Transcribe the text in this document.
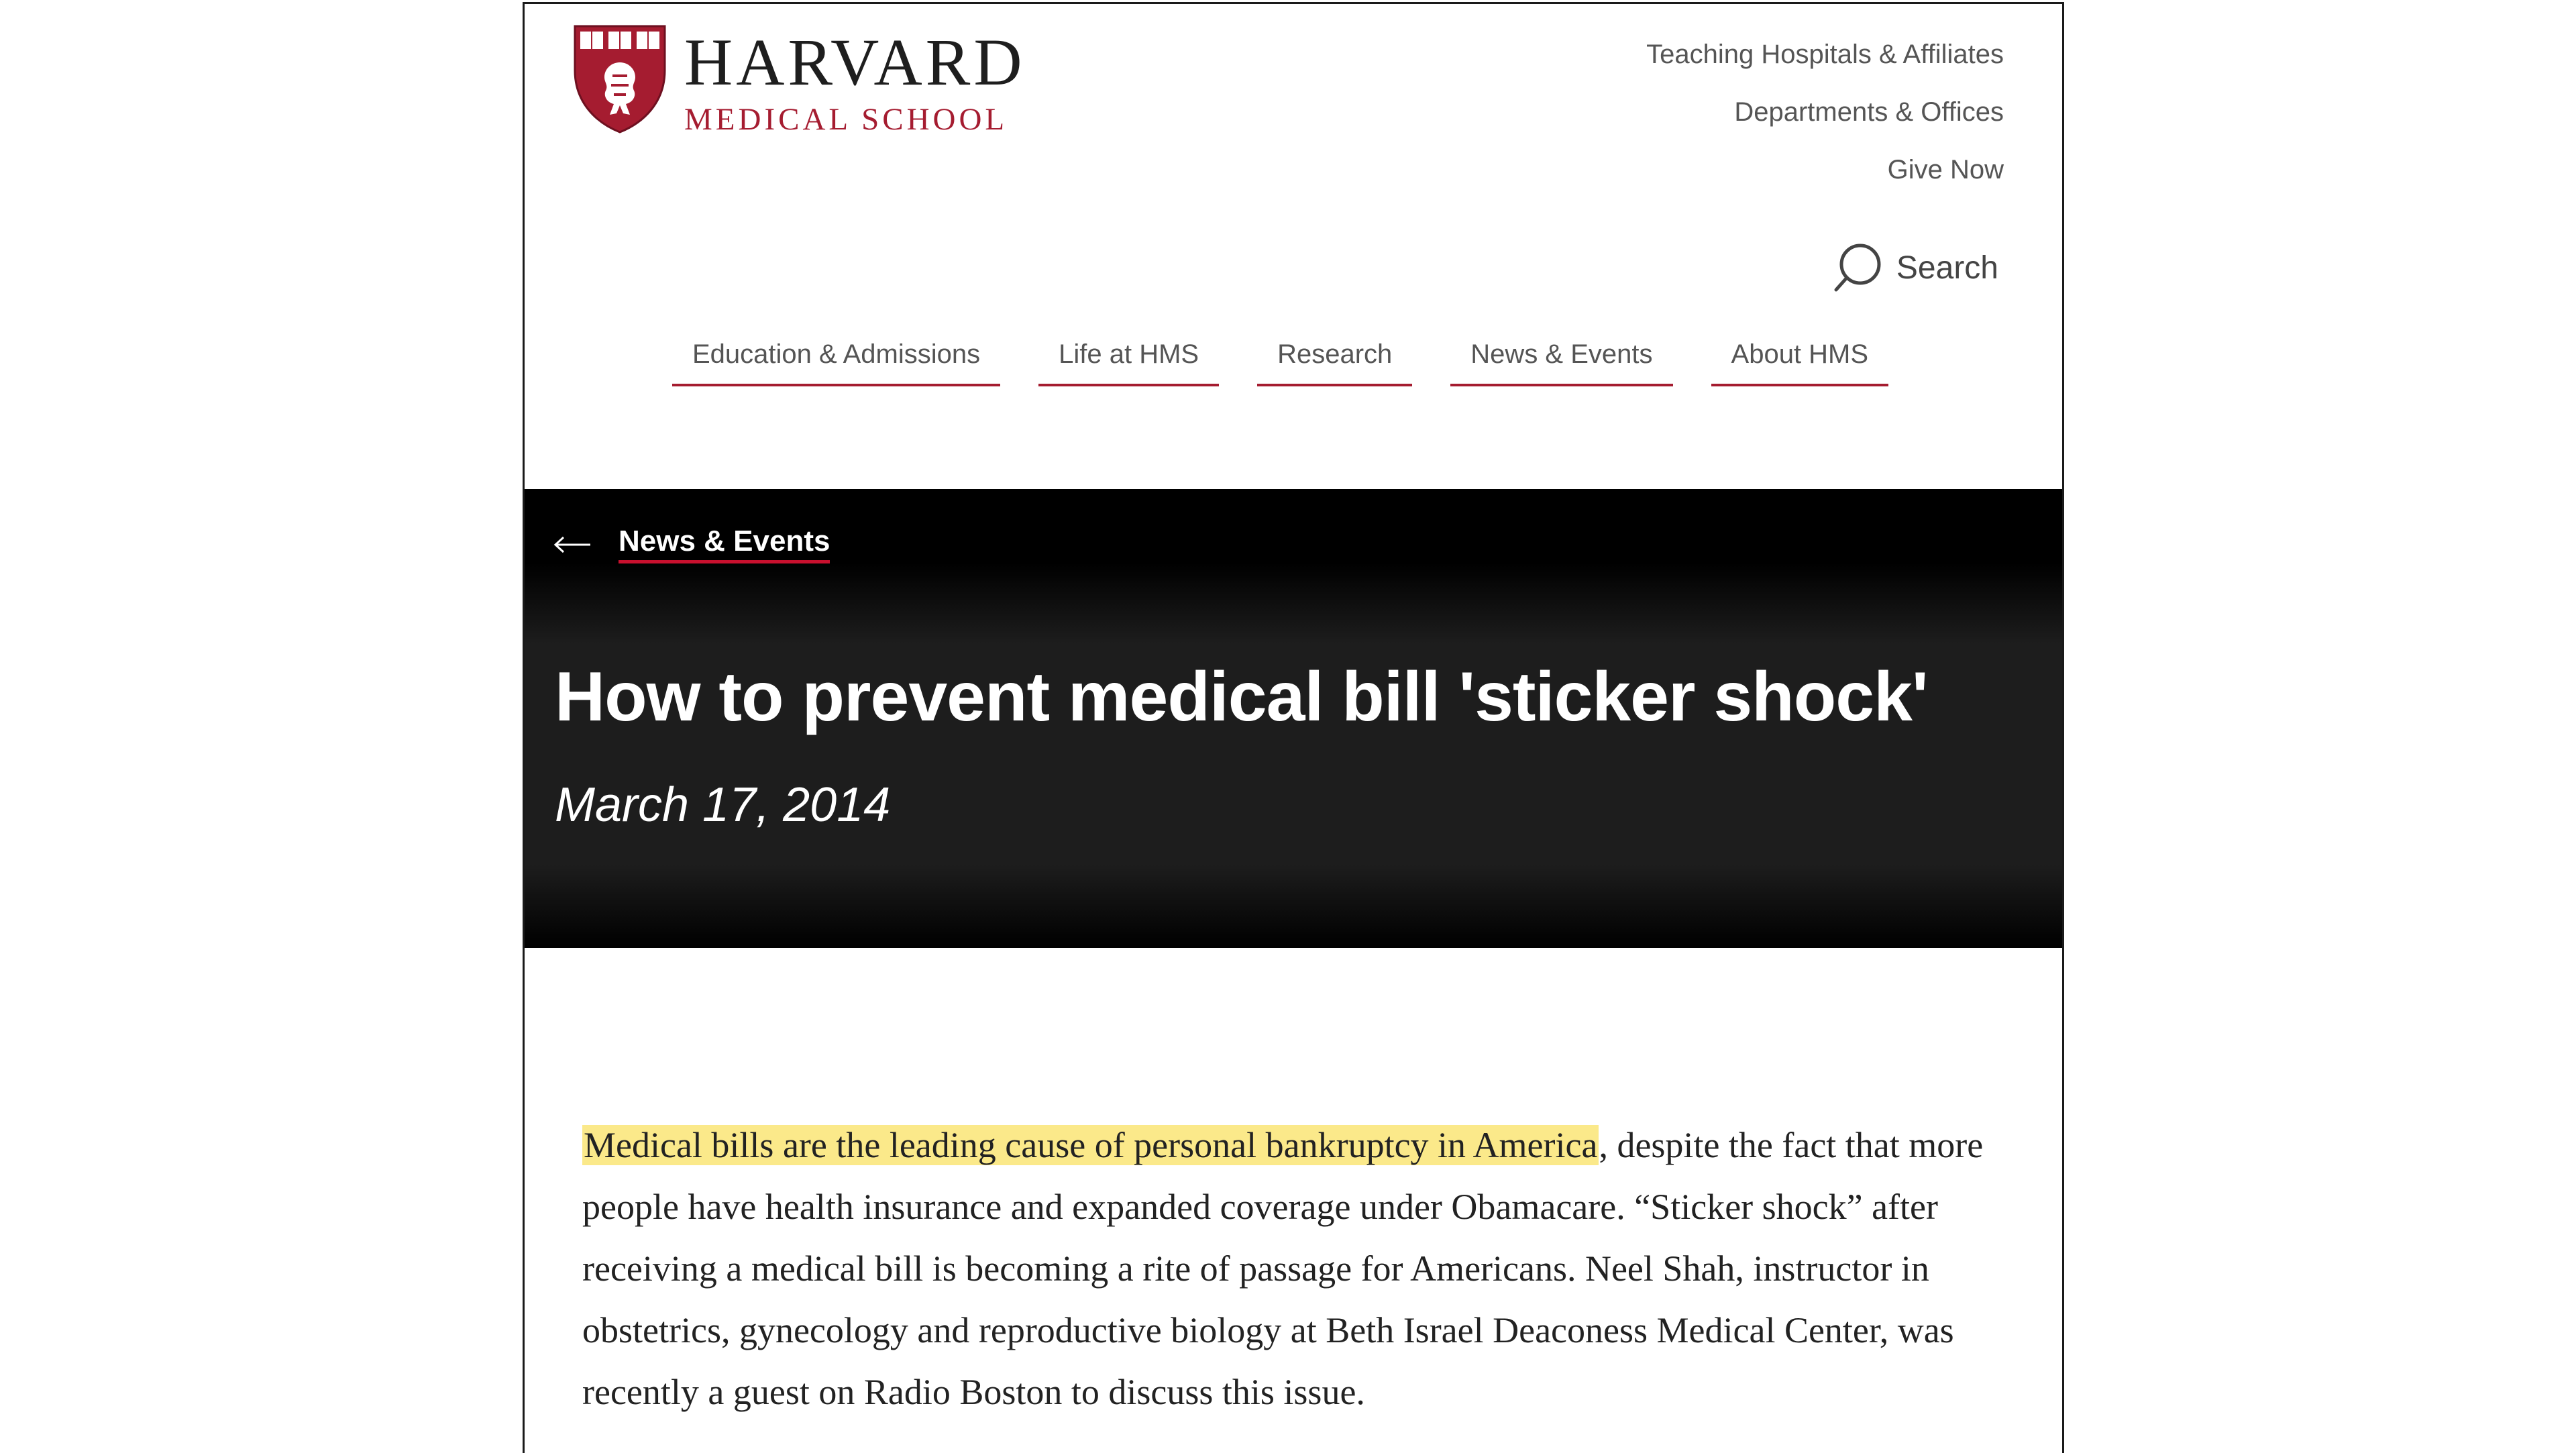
HARVARD
MEDICAL SCHOOL
Teaching Hospitals & Affiliates
Departments & Offices
Give Now
Search
Education & Admissions	Life at HMS	Research	News & Events	About HMS
News & Events
How to prevent medical bill 'sticker shock'
March 17, 2014

Medical bills are the leading cause of personal bankruptcy in America, despite the fact that more people have health insurance and expanded coverage under Obamacare. “Sticker shock” after receiving a medical bill is becoming a rite of passage for Americans. Neel Shah, instructor in obstetrics, gynecology and reproductive biology at Beth Israel Deaconess Medical Center, was recently a guest on Radio Boston to discuss this issue.
